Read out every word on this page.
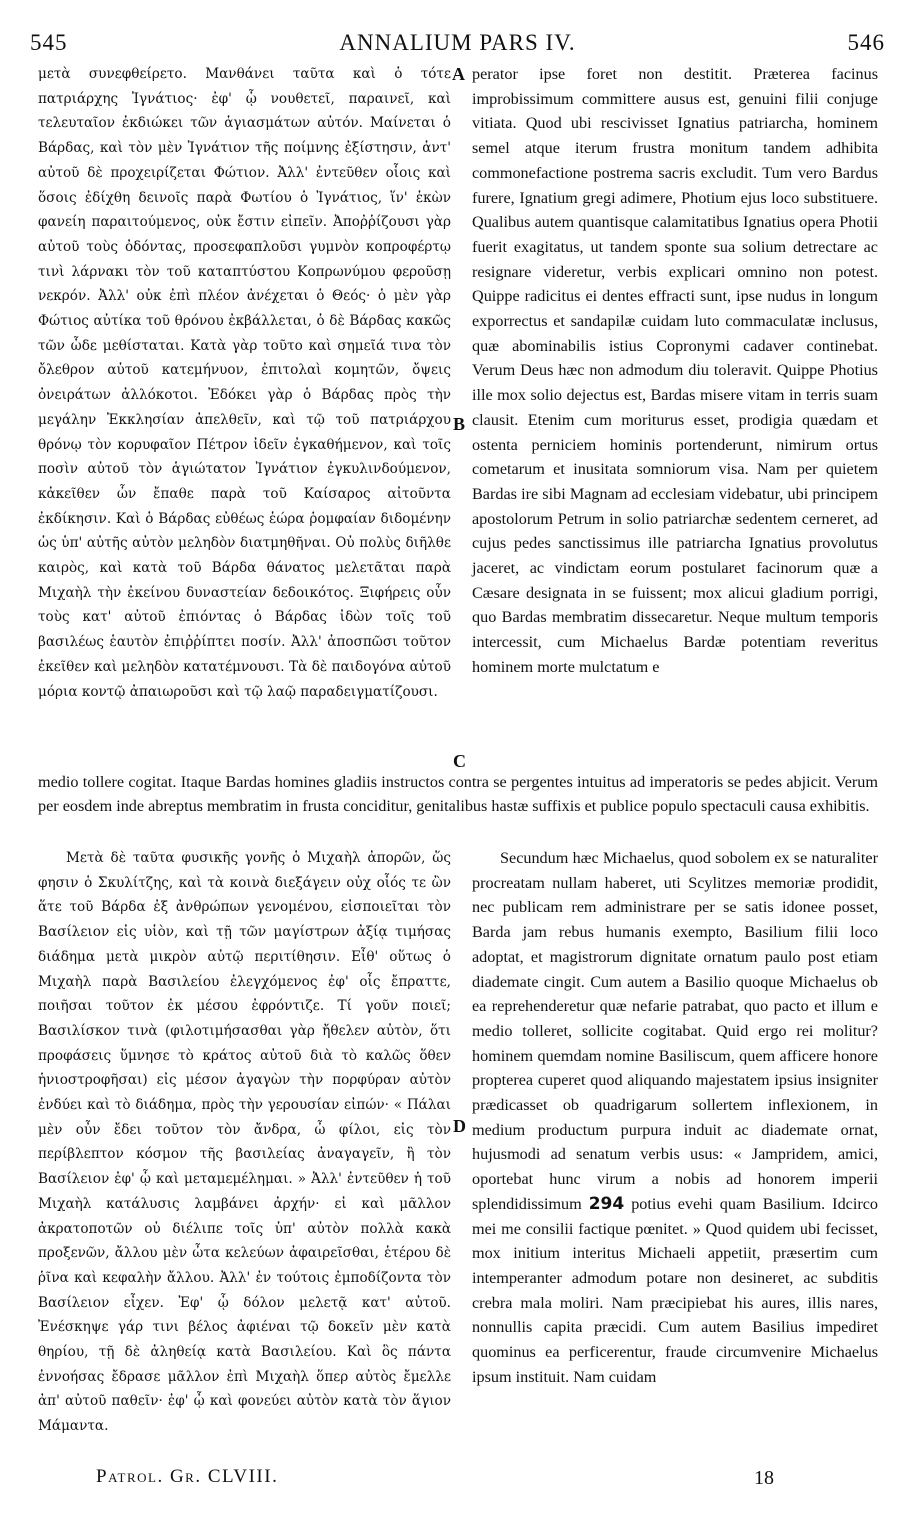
545	ANNALIUM PARS IV.	546

μετὰ συνεφθείρετο. Μανθάνει ταῦτα καὶ ὁ τότε πατριάρχης Ἰγνάτιος· ἐφ' ᾧ νουθετεῖ, παραινεῖ, καὶ τελευταῖον ἐκδιώκει τῶν ἁγιασμάτων αὐτόν. Μαίνεται ὁ Βάρδας, καὶ τὸν μὲν Ἰγνάτιον τῆς ποίμνης ἐξίστησιν, ἀντ' αὐτοῦ δὲ προχειρίζεται Φώτιον. Ἀλλ' ἐντεῦθεν οἷοις καὶ ὅσοις ἐδίχθη δεινοῖς παρὰ Φωτίου ὁ Ἰγνάτιος, ἵν' ἑκὼν φανείη παραιτούμενος, οὐκ ἔστιν εἰπεῖν. Ἀποῤῥίζουσι γὰρ αὐτοῦ τοὺς ὀδόντας, προσεφαπλοῦσι γυμνὸν κοπροφέρτῳ τινὶ λάρνακι τὸν τοῦ καταπτύστου Κοπρωνύμου φεροῦσῃ νεκρόν. Ἀλλ' οὐκ ἐπὶ πλέον ἀνέχεται ὁ Θεός· ὁ μὲν γὰρ Φώτιος αὐτίκα τοῦ θρόνου ἐκβάλλεται, ὁ δὲ Βάρδας κακῶς τῶν ὧδε μεθίσταται. Κατὰ γὰρ τοῦτο καὶ σημεῖά τινα τὸν ὄλεθρον αὐτοῦ κατεμήνυον, ἐπιτολαὶ κομητῶν, ὄψεις ὀνειράτων ἀλλόκοτοι. Ἐδόκει γὰρ ὁ Βάρδας πρὸς τὴν μεγάλην Ἐκκλησίαν ἀπελθεῖν, καὶ τῷ τοῦ πατριάρχου θρόνῳ τὸν κορυφαῖον Πέτρον ἰδεῖν ἐγκαθήμενον, καὶ τοῖς ποσὶν αὐτοῦ τὸν ἁγιώτατον Ἰγνάτιον ἐγκυλινδούμενον, κἀκεῖθεν ὧν ἔπαθε παρὰ τοῦ Καίσαρος αἰτοῦντα ἐκδίκησιν. Καὶ ὁ Βάρδας εὐθέως ἑώρα ῥομφαίαν διδομένην ὡς ὑπ' αὐτῆς αὐτὸν μεληδὸν διατμηθῆναι. Οὐ πολὺς διῆλθε καιρὸς, καὶ κατὰ τοῦ Βάρδα θάνατος μελετᾶται παρὰ Μιχαὴλ τὴν ἐκείνου δυναστείαν δεδοικότος. Ξιφήρεις οὖν τοὺς κατ' αὐτοῦ ἐπιόντας ὁ Βάρδας ἰδὼν τοῖς τοῦ βασιλέως ἑαυτὸν ἐπιῤῥίπτει ποσίν. Ἀλλ' ἀποσπῶσι τοῦτον ἐκεῖθεν καὶ μεληδὸν κατατέμνουσι. Τὰ δὲ παιδογόνα αὐτοῦ μόρια κοντῷ ἀπαιωροῦσι καὶ τῷ λαῷ παραδειγματίζουσι.

perator ipse foret non destitit. Præterea facinus improbissimum committere ausus est, genuini filii conjuge vitiata. Quod ubi rescivisset Ignatius patriarcha, hominem semel atque iterum frustra monitum tandem adhibita commonefactione postrema sacris excludit. Tum vero Bardus furere, Ignatium gregi adimere, Photium ejus loco substituere. Qualibus autem quantisque calamitatibus Ignatius opera Photii fuerit exagitatus, ut tandem sponte sua solium detrectare ac resignare videretur, verbis explicari omnino non potest. Quippe radicitus ei dentes effracti sunt, ipse nudus in longum exporrectus et sandapilæ cuidam luto commaculatæ inclusus, quæ abominabilis istius Copronymi cadaver continebat. Verum Deus hæc non admodum diu toleravit. Quippe Photius ille mox solio dejectus est, Bardas misere vitam in terris suam clausit. Etenim cum moriturus esset, prodigia quædam et ostenta perniciem hominis portenderunt, nimirum ortus cometarum et inusitata somniorum visa. Nam per quietem Bardas ire sibi Magnam ad ecclesiam videbatur, ubi principem apostolorum Petrum in solio patriarchæ sedentem cerneret, ad cujus pedes sanctissimus ille patriarcha Ignatius provolutus jaceret, ac vindictam eorum postularet facinorum quæ a Cæsare designata in se fuissent; mox alicui gladium porrigi, quo Bardas membratim dissecaretur. Neque multum temporis intercessit, cum Michaelus Bardæ potentiam reveritus hominem morte mulctatum e

A
B
C
D

medio tollere cogitat. Itaque Bardas homines gladiis instructos contra se pergentes intuitus ad imperatoris se pedes abjicit. Verum per eosdem inde abreptus membratim in frusta conciditur, genitalibus hastæ suffixis et publice populo spectaculi causa exhibitis.

Μετὰ δὲ ταῦτα φυσικῆς γονῆς ὁ Μιχαὴλ ἀπορῶν, ὥς φησιν ὁ Σκυλίτζης, καὶ τὰ κοινὰ διεξάγειν οὐχ οἷός τε ὢν ἅτε τοῦ Βάρδα ἐξ ἀνθρώπων γενομένου, εἰσποιεῖται τὸν Βασίλειον εἰς υἱὸν, καὶ τῇ τῶν μαγίστρων ἀξίᾳ τιμήσας διάδημα μετὰ μικρὸν αὐτῷ περιτίθησιν. Εἶθ' οὕτως ὁ Μιχαὴλ παρὰ Βασιλείου ἐλεγχόμενος ἐφ' οἷς ἔπραττε, ποιῆσαι τοῦτον ἐκ μέσου ἐφρόντιζε. Τί γοῦν ποιεῖ; Βασιλίσκον τινὰ (φιλοτιμήσασθαι γὰρ ἤθελεν αὐτὸν, ὅτι προφάσεις ὕμνησε τὸ κράτος αὐτοῦ διὰ τὸ καλῶς ὅθεν ἡνιοστροφῆσαι) εἰς μέσον ἀγαγὼν τὴν πορφύραν αὐτὸν ἐνδύει καὶ τὸ διάδημα, πρὸς τὴν γερουσίαν εἰπών· « Πάλαι μὲν οὖν ἔδει τοῦτον τὸν ἄνδρα, ὦ φίλοι, εἰς τὸν περίβλεπτον κόσμον τῆς βασιλείας ἀναγαγεῖν, ἢ τὸν Βασίλειον ἐφ' ᾧ καὶ μεταμεμέλημαι. » Ἀλλ' ἐντεῦθεν ἡ τοῦ Μιχαὴλ κατάλυσις λαμβάνει ἀρχήν· εἰ καὶ μᾶλλον ἀκρατοποτῶν οὐ διέλιπε τοῖς ὑπ' αὐτὸν πολλὰ κακὰ προξενῶν, ἄλλου μὲν ὦτα κελεύων ἀφαιρεῖσθαι, ἑτέρου δὲ ῥῖνα καὶ κεφαλὴν ἄλλου. Ἀλλ' ἐν τούτοις ἐμποδίζοντα τὸν Βασίλειον εἶχεν. Ἐφ' ᾧ δόλον μελετᾷ κατ' αὐτοῦ. Ἐνέσκηψε γάρ τινι βέλος ἀφιέναι τῷ δοκεῖν μὲν κατὰ θηρίου, τῇ δὲ ἀληθείᾳ κατὰ Βασιλείου. Καὶ ὃς πάντα ἐννοήσας ἔδρασε μᾶλλον ἐπὶ Μιχαὴλ ὅπερ αὐτὸς ἔμελλε ἀπ' αὐτοῦ παθεῖν· ἐφ' ᾧ καὶ φονεύει αὐτὸν κατὰ τὸν ἅγιον Μάμαντα.

Secundum hæc Michaelus, quod sobolem ex se naturaliter procreatam nullam haberet, uti Scylitzes memoriæ prodidit, nec publicam rem administrare per se satis idonee posset, Barda jam rebus humanis exempto, Basilium filii loco adoptat, et magistrorum dignitate ornatum paulo post etiam diademate cingit. Cum autem a Basilio quoque Michaelus ob ea reprehenderetur quæ nefarie patrabat, quo pacto et illum e medio tolleret, sollicite cogitabat. Quid ergo rei molitur? hominem quemdam nomine Basiliscum, quem afficere honore propterea cuperet quod aliquando majestatem ipsius insigniter prædicasset ob quadrigarum sollertem inflexionem, in medium productum purpura induit ac diademate ornat, hujusmodi ad senatum verbis usus: « Jampridem, amici, oportebat hunc virum a nobis ad honorem imperii splendidissimum 294 potius evehi quam Basilium. Idcirco mei me consilii factique pœnitet. » Quod quidem ubi fecisset, mox initium interitus Michaeli appetiit, præsertim cum intemperanter admodum potare non desineret, ac subditis crebra mala moliri. Nam præcipiebat his aures, illis nares, nonnullis capita præcidi. Cum autem Basilius impediret quominus ea perficerentur, fraude circumvenire Michaelus ipsum instituit. Nam cuidam

Patrol. Gr. CLVIII.	18
